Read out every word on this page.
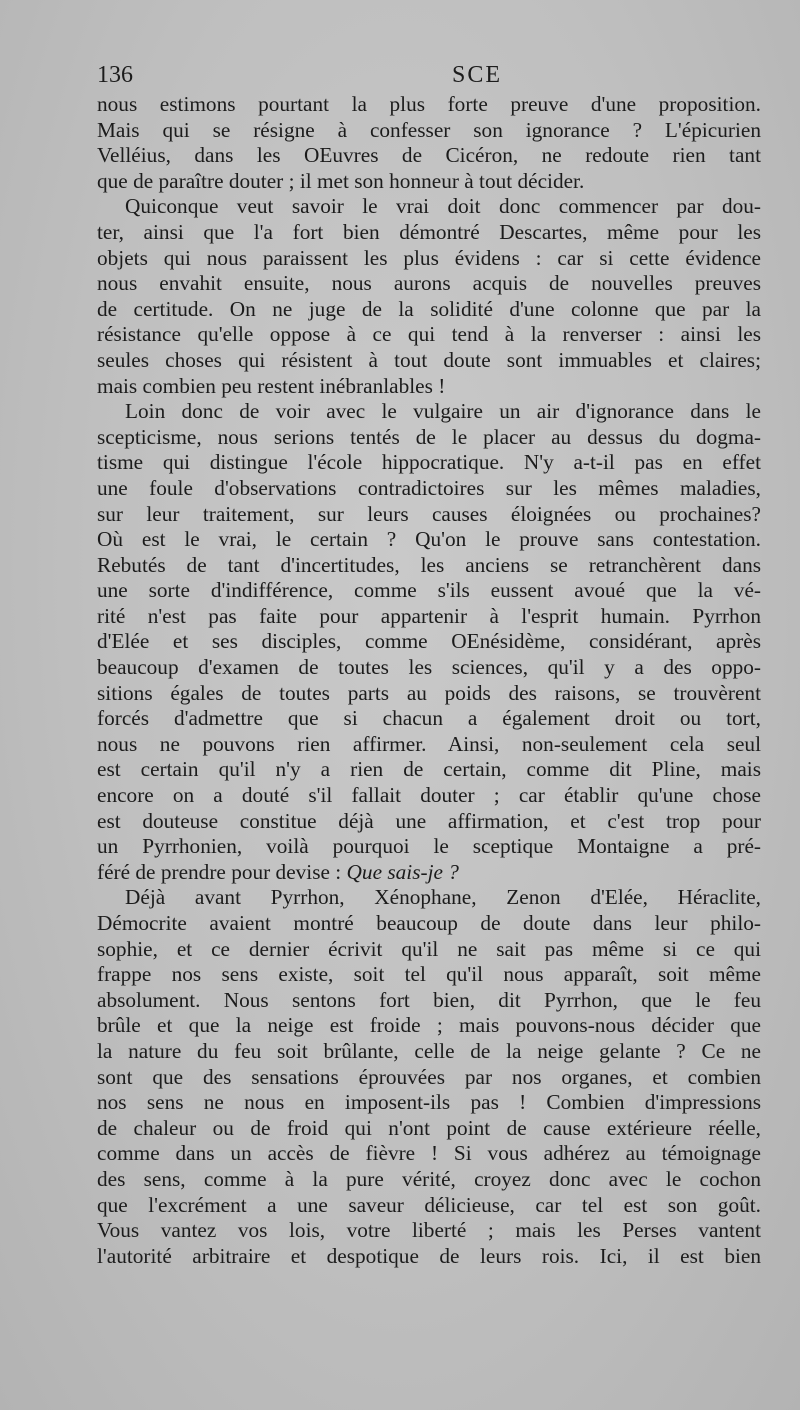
136	SCE
nous estimons pourtant la plus forte preuve d'une proposition.
Mais qui se résigne à confesser son ignorance ? L'épicurien
Velléius, dans les OEuvres de Cicéron, ne redoute rien tant
que de paraître douter ; il met son honneur à tout décider.
Quiconque veut savoir le vrai doit donc commencer par dou-
ter, ainsi que l'a fort bien démontré Descartes, même pour les
objets qui nous paraissent les plus évidens : car si cette évidence
nous envahit ensuite, nous aurons acquis de nouvelles preuves
de certitude. On ne juge de la solidité d'une colonne que par la
résistance qu'elle oppose à ce qui tend à la renverser : ainsi les
seules choses qui résistent à tout doute sont immuables et claires;
mais combien peu restent inébranlables !
Loin donc de voir avec le vulgaire un air d'ignorance dans le
scepticisme, nous serions tentés de le placer au dessus du dogma-
tisme qui distingue l'école hippocratique. N'y a-t-il pas en effet
une foule d'observations contradictoires sur les mêmes maladies,
sur leur traitement, sur leurs causes éloignées ou prochaines?
Où est le vrai, le certain ? Qu'on le prouve sans contestation.
Rebutés de tant d'incertitudes, les anciens se retranchèrent dans
une sorte d'indifférence, comme s'ils eussent avoué que la vé-
rité n'est pas faite pour appartenir à l'esprit humain. Pyrrhon
d'Elée et ses disciples, comme OEnésidème, considérant, après
beaucoup d'examen de toutes les sciences, qu'il y a des oppo-
sitions égales de toutes parts au poids des raisons, se trouvèrent
forcés d'admettre que si chacun a également droit ou tort,
nous ne pouvons rien affirmer. Ainsi, non-seulement cela seul
est certain qu'il n'y a rien de certain, comme dit Pline, mais
encore on a douté s'il fallait douter ; car établir qu'une chose
est douteuse constitue déjà une affirmation, et c'est trop pour
un Pyrrhonien, voilà pourquoi le sceptique Montaigne a pré-
féré de prendre pour devise : Que sais-je ?
Déjà avant Pyrrhon, Xénophane, Zenon d'Elée, Héraclite,
Démocrite avaient montré beaucoup de doute dans leur philo-
sophie, et ce dernier écrivit qu'il ne sait pas même si ce qui
frappe nos sens existe, soit tel qu'il nous apparaît, soit même
absolument. Nous sentons fort bien, dit Pyrrhon, que le feu
brûle et que la neige est froide ; mais pouvons-nous décider que
la nature du feu soit brûlante, celle de la neige gelante ? Ce ne
sont que des sensations éprouvées par nos organes, et combien
nos sens ne nous en imposent-ils pas ! Combien d'impressions
de chaleur ou de froid qui n'ont point de cause extérieure réelle,
comme dans un accès de fièvre ! Si vous adhérez au témoignage
des sens, comme à la pure vérité, croyez donc avec le cochon
que l'excrément a une saveur délicieuse, car tel est son goût.
Vous vantez vos lois, votre liberté ; mais les Perses vantent
l'autorité arbitraire et despotique de leurs rois. Ici, il est bien
